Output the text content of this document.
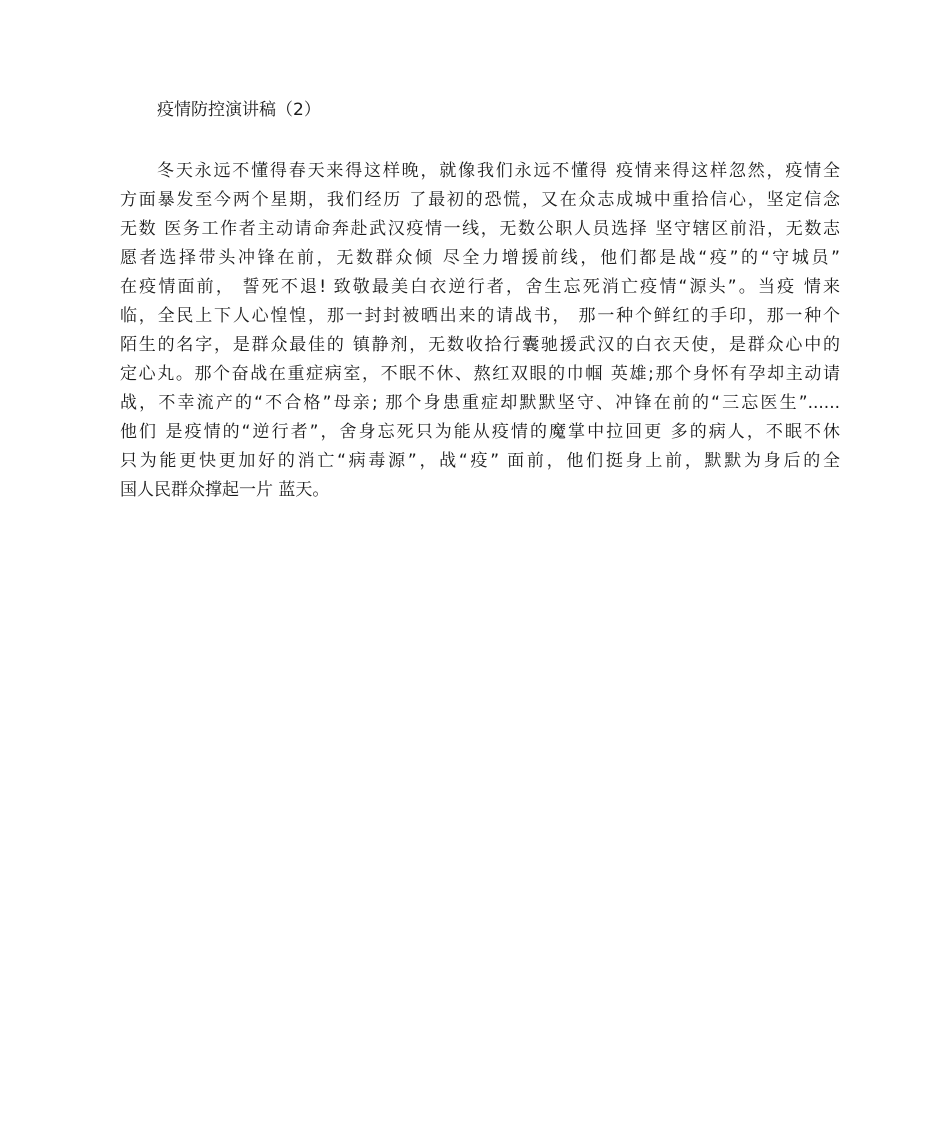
疫情防控演讲稿（2）
冬天永远不懂得春天来得这样晚，就像我们永远不懂得 疫情来得这样忽然，疫情全
方面暴发至今两个星期，我们经历 了最初的恐慌，又在众志成城中重拾信心，坚定信念
无数 医务工作者主动请命奔赴武汉疫情一线，无数公职人员选择 坚守辖区前沿，无数志
愿者选择带头冲锋在前，无数群众倾 尽全力增援前线，他们都是战“疫”的“守城员”
在疫情面前， 誓死不退! 致敬最美白衣逆行者，舍生忘死消亡疫情“源头”。当疫 情来
临，全民上下人心惶惶，那一封封被晒出来的请战书， 那一种个鲜红的手印，那一种个
陌生的名字，是群众最佳的 镇静剂，无数收拾行囊驰援武汉的白衣天使，是群众心中的
定心丸。那个奋战在重症病室，不眠不休、熬红双眼的巾帼 英雄;那个身怀有孕却主动请
战，不幸流产的“不合格”母亲; 那个身患重症却默默坚守、冲锋在前的“三忘医生”......
他们 是疫情的“逆行者”，舍身忘死只为能从疫情的魔掌中拉回更 多的病人，不眠不休
只为能更快更加好的消亡“病毒源”，战“疫” 面前，他们挺身上前，默默为身后的全
国人民群众撑起一片 蓝天。
